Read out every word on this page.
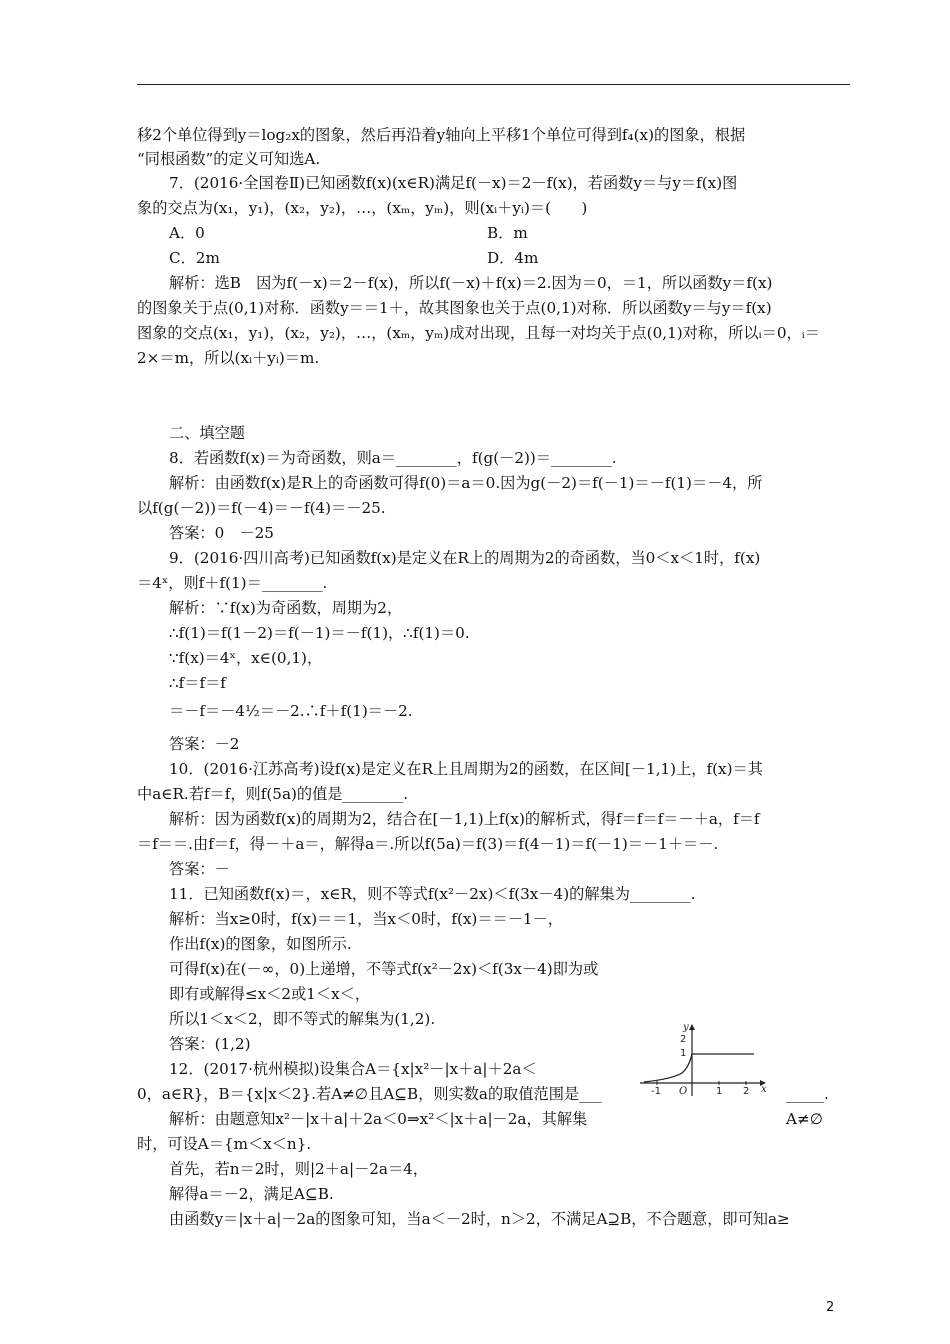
移2个单位得到y＝log₂x的图象，然后再沿着y轴向上平移1个单位可得到f₄(x)的图象，根据
“同根函数”的定义可知选A.
7．(2016·全国卷Ⅱ)已知函数f(x)(x∈R)满足f(－x)＝2－f(x)，若函数y＝与y＝f(x)图
象的交点为(x₁，y₁)，(x₂，y₂)，…，(xₘ，yₘ)，则(xᵢ＋yᵢ)＝(　　)
A．0	B．m
C．2m	D．4m
解析：选B　因为f(－x)＝2－f(x)，所以f(－x)＋f(x)＝2.因为＝0，＝1，所以函数y＝f(x)
的图象关于点(0,1)对称．函数y＝＝1＋，故其图象也关于点(0,1)对称．所以函数y＝与y＝f(x)
图象的交点(x₁，y₁)，(x₂，y₂)，…，(xₘ，yₘ)成对出现，且每一对均关于点(0,1)对称，所以ᵢ＝0，ᵢ＝
2×＝m，所以(xᵢ＋yᵢ)＝m.
二、填空题
8．若函数f(x)＝为奇函数，则a＝________，f(g(－2))＝________.
解析：由函数f(x)是R上的奇函数可得f(0)＝a＝0.因为g(－2)＝f(－1)＝－f(1)＝－4，所
以f(g(－2))＝f(－4)＝－f(4)＝－25.
答案：0　－25
9．(2016·四川高考)已知函数f(x)是定义在R上的周期为2的奇函数，当0＜x＜1时，f(x)
＝4ˣ，则f＋f(1)＝________.
解析：∵f(x)为奇函数，周期为2，
∴f(1)＝f(1－2)＝f(－1)＝－f(1)，∴f(1)＝0.
∵f(x)＝4ˣ，x∈(0,1)，
∴f＝f＝f
＝－f＝－4½＝－2.∴f＋f(1)＝－2.
答案：－2
10．(2016·江苏高考)设f(x)是定义在R上且周期为2的函数，在区间[－1,1)上，f(x)＝其
中a∈R.若f＝f，则f(5a)的值是________.
解析：因为函数f(x)的周期为2，结合在[－1,1)上f(x)的解析式，得f＝f＝f＝－＋a，f＝f
＝f＝＝.由f＝f，得－＋a＝，解得a＝.所以f(5a)＝f(3)＝f(4－1)＝f(－1)＝－1＋＝－.
答案：－
11．已知函数f(x)＝，x∈R，则不等式f(x²－2x)＜f(3x－4)的解集为________.
解析：当x≥0时，f(x)＝＝1，当x＜0时，f(x)＝＝－1－，
作出f(x)的图象，如图所示.
可得f(x)在(－∞，0)上递增，不等式f(x²－2x)＜f(3x－4)即为或
即有或解得≤x＜2或1＜x＜，
所以1＜x＜2，即不等式的解集为(1,2).
答案：(1,2)
12．(2017·杭州模拟)设集合A＝{x|x²－|x＋a|＋2a＜
0，a∈R}，B＝{x|x＜2}.若A≠∅且A⊆B，则实数a的取值范围是___	_____.
解析：由题意知x²－|x＋a|＋2a＜0⇒x²＜|x＋a|－2a，其解集	A≠∅
时，可设A＝{m＜x＜n}.
首先，若n＝2时，则|2＋a|－2a＝4，
解得a＝－2，满足A⊆B.
由函数y＝|x＋a|－2a的图象可知，当a＜－2时，n＞2，不满足A⊇B，不合题意，即可知a≥
y
2
1
-1 O	1 2 x
2
